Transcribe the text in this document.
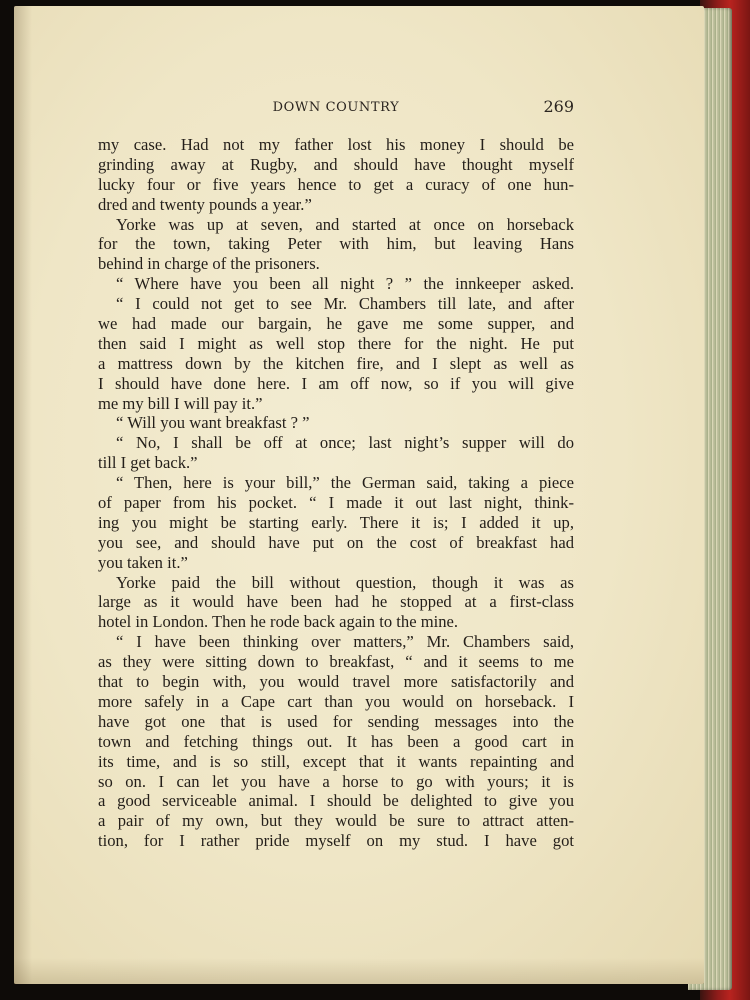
DOWN COUNTRY	269
my case. Had not my father lost his money I should be
grinding away at Rugby, and should have thought myself
lucky four or five years hence to get a curacy of one hun-
dred and twenty pounds a year.”
Yorke was up at seven, and started at once on horseback
for the town, taking Peter with him, but leaving Hans
behind in charge of the prisoners.
“ Where have you been all night ? ” the innkeeper asked.
“ I could not get to see Mr. Chambers till late, and after
we had made our bargain, he gave me some supper, and
then said I might as well stop there for the night. He put
a mattress down by the kitchen fire, and I slept as well as
I should have done here. I am off now, so if you will give
me my bill I will pay it.”
“ Will you want breakfast ? ”
“ No, I shall be off at once; last night’s supper will do
till I get back.”
“ Then, here is your bill,” the German said, taking a piece
of paper from his pocket. “ I made it out last night, think-
ing you might be starting early. There it is; I added it up,
you see, and should have put on the cost of breakfast had
you taken it.”
Yorke paid the bill without question, though it was as
large as it would have been had he stopped at a first-class
hotel in London. Then he rode back again to the mine.
“ I have been thinking over matters,” Mr. Chambers said,
as they were sitting down to breakfast, “ and it seems to me
that to begin with, you would travel more satisfactorily and
more safely in a Cape cart than you would on horseback. I
have got one that is used for sending messages into the
town and fetching things out. It has been a good cart in
its time, and is so still, except that it wants repainting and
so on. I can let you have a horse to go with yours; it is
a good serviceable animal. I should be delighted to give you
a pair of my own, but they would be sure to attract atten-
tion, for I rather pride myself on my stud. I have got
